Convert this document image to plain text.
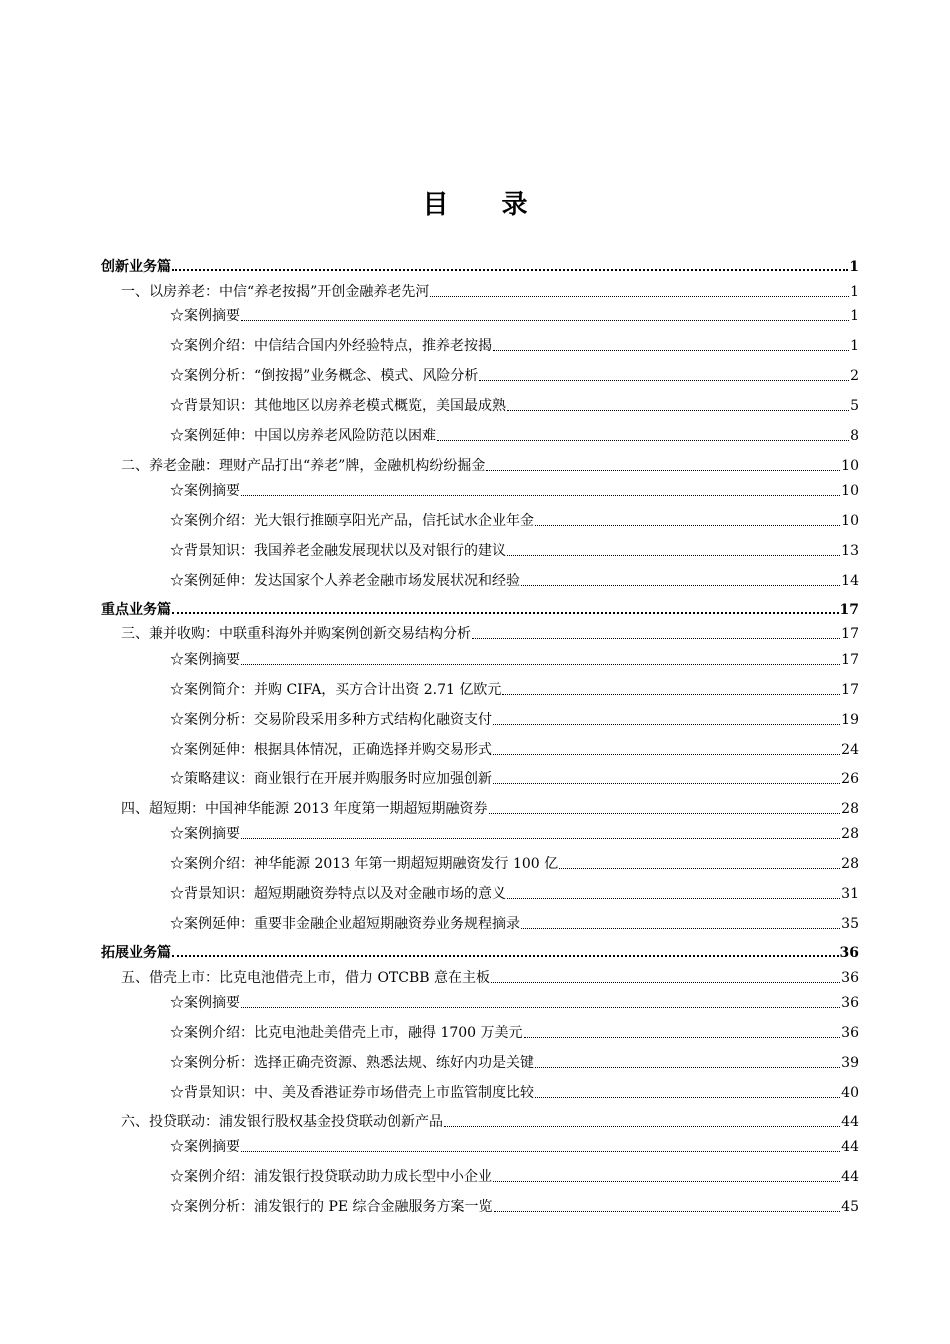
目 录
创新业务篇	1
一、以房养老：中信“养老按揭”开创金融养老先河	1
☆案例摘要	1
☆案例介绍：中信结合国内外经验特点，推养老按揭	1
☆案例分析：“倒按揭”业务概念、模式、风险分析	2
☆背景知识：其他地区以房养老模式概览，美国最成熟	5
☆案例延伸：中国以房养老风险防范以困难	8
二、养老金融：理财产品打出“养老”牌，金融机构纷纷掘金	10
☆案例摘要	10
☆案例介绍：光大银行推颐享阳光产品，信托试水企业年金	10
☆背景知识：我国养老金融发展现状以及对银行的建议	13
☆案例延伸：发达国家个人养老金融市场发展状况和经验	14
重点业务篇	17
三、兼并收购：中联重科海外并购案例创新交易结构分析	17
☆案例摘要	17
☆案例简介：并购 CIFA，买方合计出资 2.71 亿欧元	17
☆案例分析：交易阶段采用多种方式结构化融资支付	19
☆案例延伸：根据具体情况，正确选择并购交易形式	24
☆策略建议：商业银行在开展并购服务时应加强创新	26
四、超短期：中国神华能源 2013 年度第一期超短期融资券	28
☆案例摘要	28
☆案例介绍：神华能源 2013 年第一期超短期融资发行 100 亿	28
☆背景知识：超短期融资券特点以及对金融市场的意义	31
☆案例延伸：重要非金融企业超短期融资券业务规程摘录	35
拓展业务篇	36
五、借壳上市：比克电池借壳上市，借力 OTCBB 意在主板	36
☆案例摘要	36
☆案例介绍：比克电池赴美借壳上市，融得 1700 万美元	36
☆案例分析：选择正确壳资源、熟悉法规、练好内功是关键	39
☆背景知识：中、美及香港证券市场借壳上市监管制度比较	40
六、投贷联动：浦发银行股权基金投贷联动创新产品	44
☆案例摘要	44
☆案例介绍：浦发银行投贷联动助力成长型中小企业	44
☆案例分析：浦发银行的 PE 综合金融服务方案一览	45
